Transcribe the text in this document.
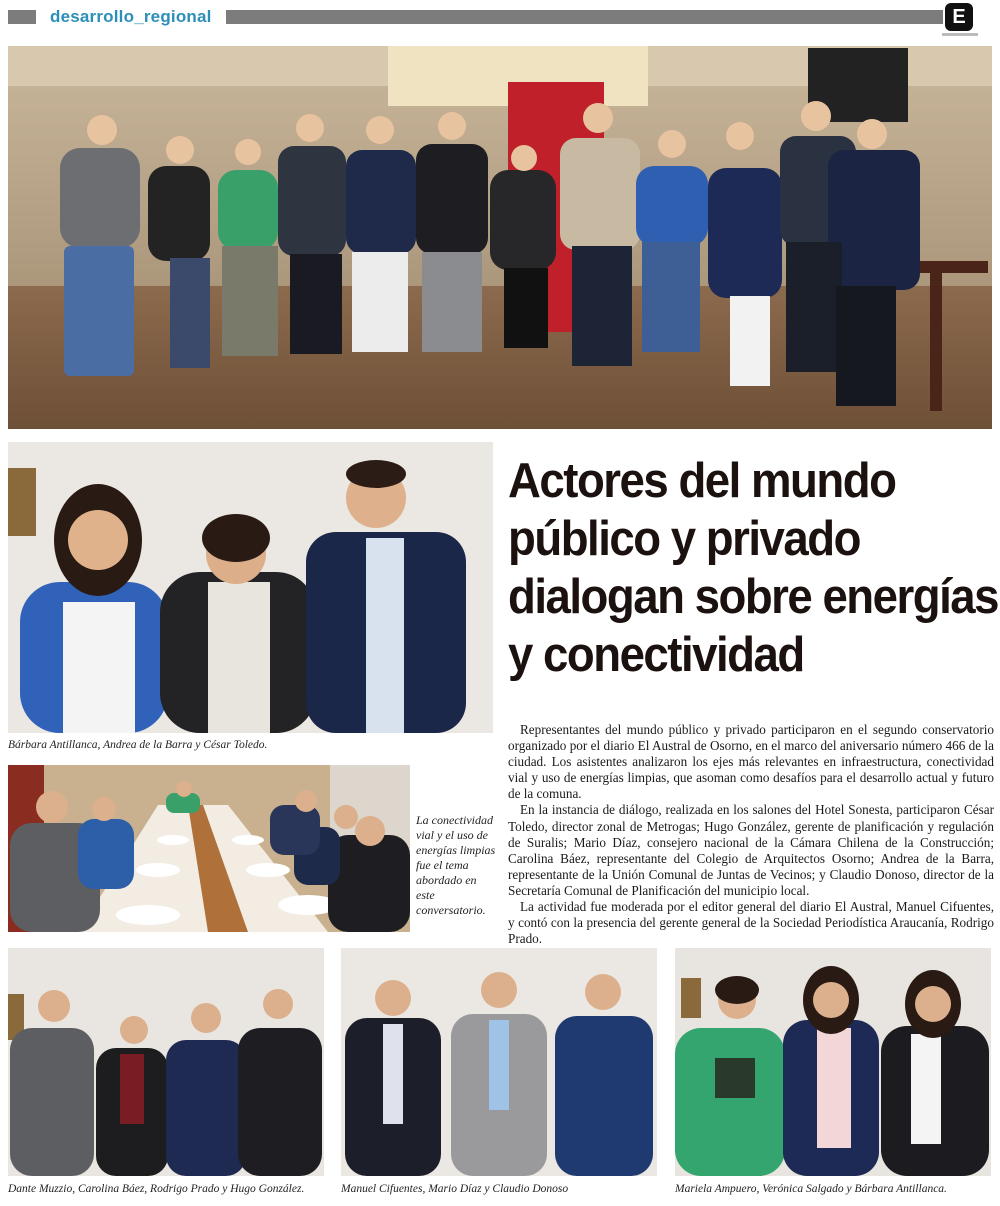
desarrollo_regional	E
Bárbara Antillanca, Andrea de la Barra y César Toledo.
La conectividad vial y el uso de energías limpias fue el tema abordado en este conversatorio.
Actores del mundo
público y privado
dialogan sobre energías
y conectividad

Representantes del mundo público y privado participaron en el segundo conservatorio organizado por el diario El Austral de Osorno, en el marco del aniversario número 466 de la ciudad. Los asistentes analizaron los ejes más relevantes en infraestructura, conectividad vial y uso de energías limpias, que asoman como desafíos para el desarrollo actual y futuro de la comuna.

En la instancia de diálogo, realizada en los salones del Hotel Sonesta, participaron César Toledo, director zonal de Metrogas; Hugo González, gerente de planificación y regulación de Suralis; Mario Díaz, consejero nacional de la Cámara Chilena de la Construcción; Carolina Báez, representante del Colegio de Arquitectos Osorno; Andrea de la Barra, representante de la Unión Comunal de Juntas de Vecinos; y Claudio Donoso, director de la Secretaría Comunal de Planificación del municipio local.

La actividad fue moderada por el editor general del diario El Austral, Manuel Cifuentes, y contó con la presencia del gerente general de la Sociedad Periodística Araucanía, Rodrigo Prado.

Dante Muzzio, Carolina Báez, Rodrigo Prado y Hugo González.	Manuel Cifuentes, Mario Díaz y Claudio Donoso	Mariela Ampuero, Verónica Salgado y Bárbara Antillanca.
